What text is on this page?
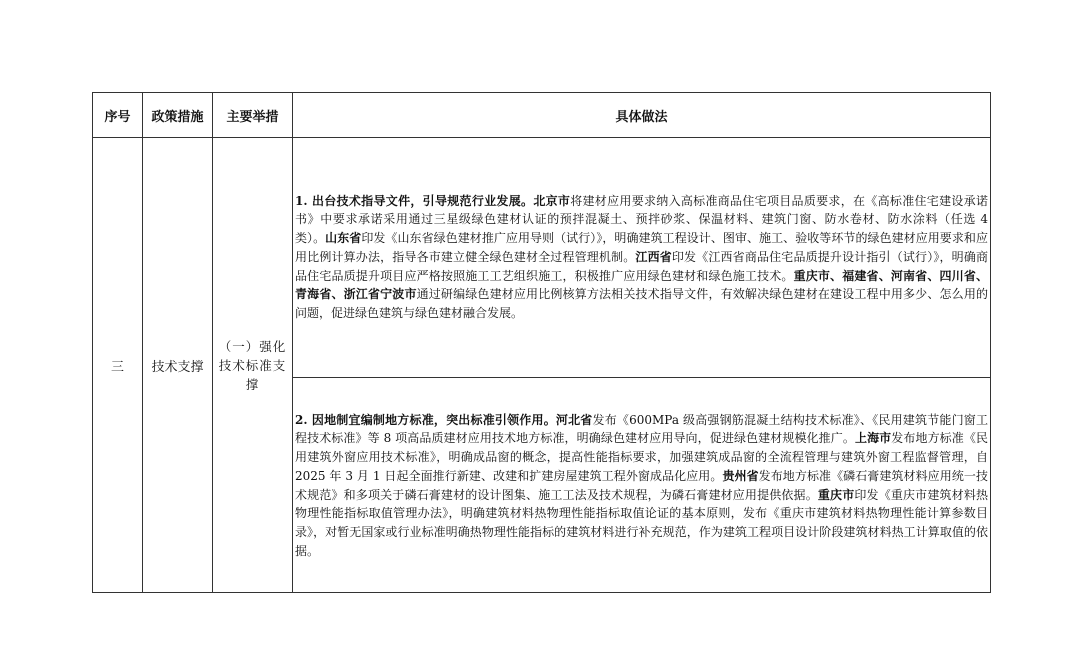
序号	政策措施	主要举措	具体做法
三	技术支撑	（一）强化技术标准支撑	1. 出台技术指导文件，引导规范行业发展。北京市将建材应用要求纳入高标准商品住宅项目品质要求，在《高标准住宅建设承诺书》中要求承诺采用通过三星级绿色建材认证的预拌混凝土、预拌砂浆、保温材料、建筑门窗、防水卷材、防水涂料（任选 4 类）。山东省印发《山东省绿色建材推广应用导则（试行）》，明确建筑工程设计、图审、施工、验收等环节的绿色建材应用要求和应用比例计算办法，指导各市建立健全绿色建材全过程管理机制。江西省印发《江西省商品住宅品质提升设计指引（试行）》，明确商品住宅品质提升项目应严格按照施工工艺组织施工，积极推广应用绿色建材和绿色施工技术。重庆市、福建省、河南省、四川省、青海省、浙江省宁波市通过研编绿色建材应用比例核算方法相关技术指导文件，有效解决绿色建材在建设工程中用多少、怎么用的问题，促进绿色建筑与绿色建材融合发展。
2. 因地制宜编制地方标准，突出标准引领作用。河北省发布《600MPa 级高强钢筋混凝土结构技术标准》、《民用建筑节能门窗工程技术标准》等 8 项高品质建材应用技术地方标准，明确绿色建材应用导向，促进绿色建材规模化推广。上海市发布地方标准《民用建筑外窗应用技术标准》，明确成品窗的概念，提高性能指标要求，加强建筑成品窗的全流程管理与建筑外窗工程监督管理，自 2025 年 3 月 1 日起全面推行新建、改建和扩建房屋建筑工程外窗成品化应用。贵州省发布地方标准《磷石膏建筑材料应用统一技术规范》和多项关于磷石膏建材的设计图集、施工工法及技术规程，为磷石膏建材应用提供依据。重庆市印发《重庆市建筑材料热物理性能指标取值管理办法》，明确建筑材料热物理性能指标取值论证的基本原则，发布《重庆市建筑材料热物理性能计算参数目录》，对暂无国家或行业标准明确热物理性能指标的建筑材料进行补充规范，作为建筑工程项目设计阶段建筑材料热工计算取值的依据。
